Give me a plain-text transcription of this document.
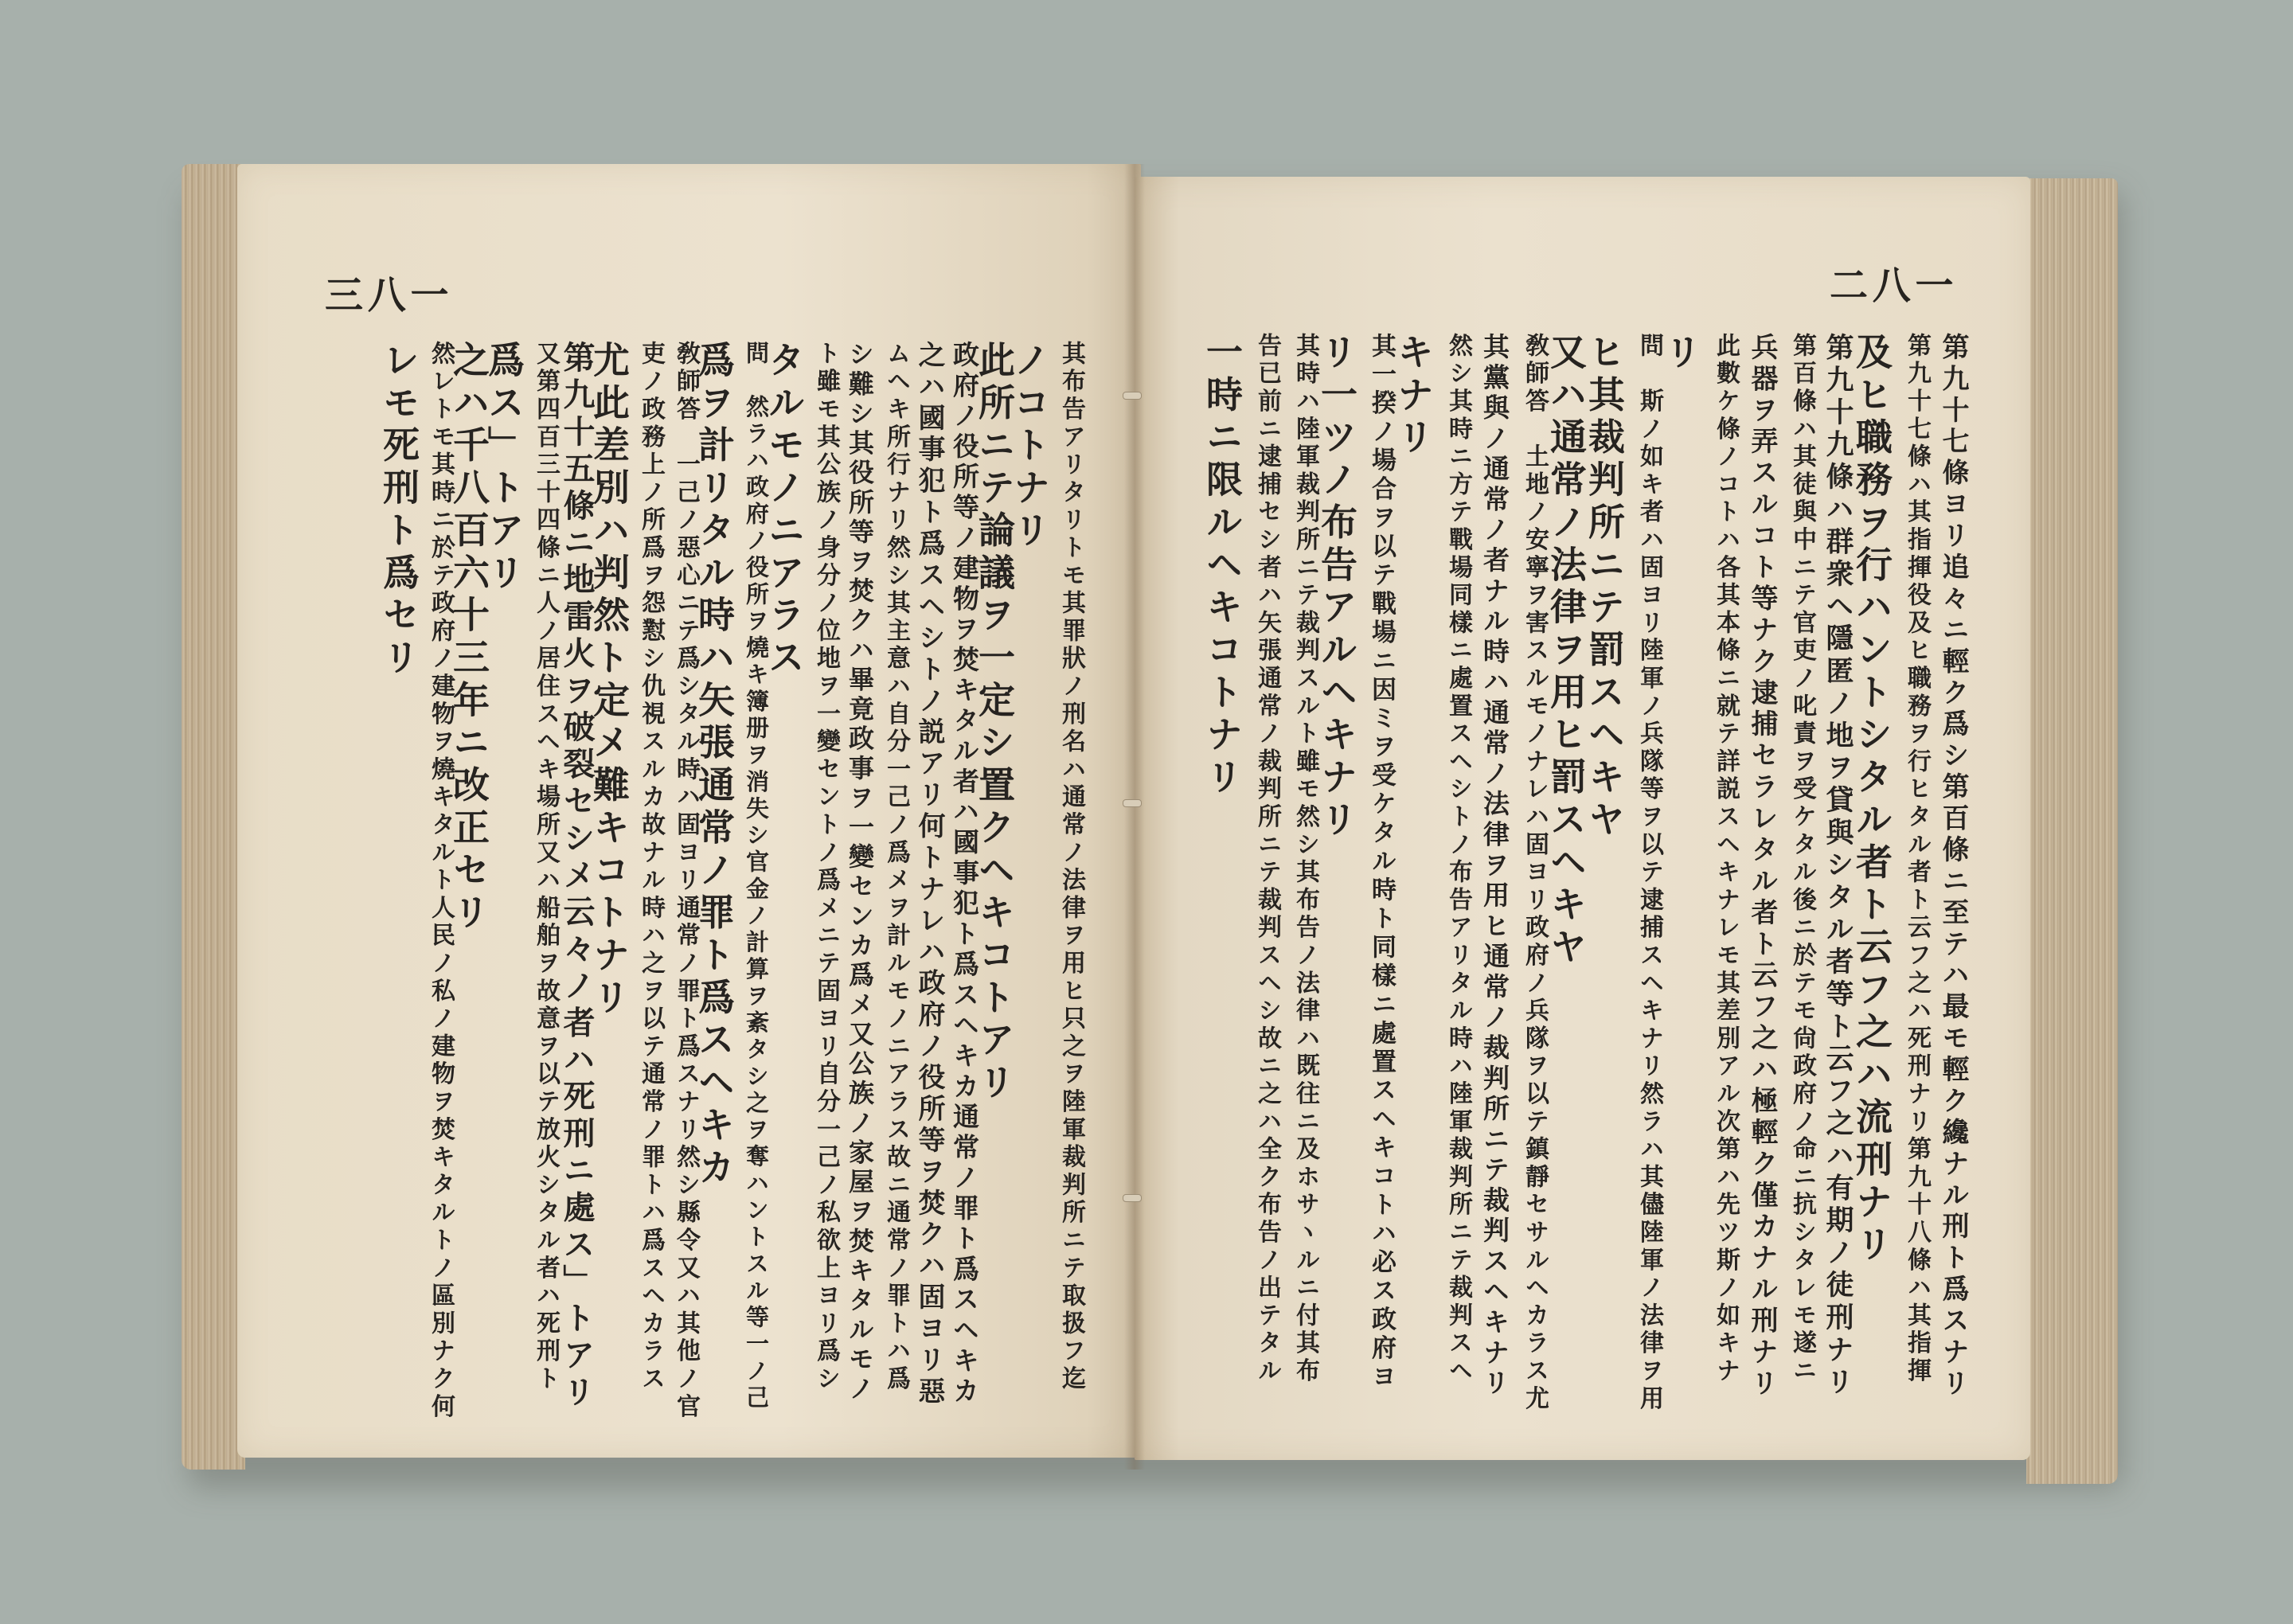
三八一	二八一
其布告アリタリトモ其罪狀ノ刑名ハ通常ノ法律ヲ用ヒ只之ヲ陸軍裁判所ニテ取扱フ迄
ノコトナリ
此所ニテ論議ヲ一定シ置クヘキコトアリ
政府ノ役所等ノ建物ヲ焚キタル者ハ國事犯ト爲スヘキカ通常ノ罪ト爲スヘキカ
之ハ國事犯ト爲スヘシトノ説アリ何トナレハ政府ノ役所等ヲ焚クハ固ヨリ惡
ムヘキ所行ナリ然シ其主意ハ自分一己ノ爲メヲ計ルモノニアラス故ニ通常ノ罪トハ爲
シ難シ其役所等ヲ焚クハ畢竟政事ヲ一變センカ爲メ又公族ノ家屋ヲ焚キタルモノ
ト雖モ其公族ノ身分ノ位地ヲ一變セントノ爲メニテ固ヨリ自分一己ノ私欲上ヨリ爲シ
タルモノニアラス
問　然ラハ政府ノ役所ヲ燒キ簿册ヲ消失シ官金ノ計算ヲ紊タシ之ヲ奪ハントスル等一ノ己
爲ヲ計リタル時ハ矢張通常ノ罪ト爲スヘキカ
敎師答　一己ノ惡心ニテ爲シタル時ハ固ヨリ通常ノ罪ト爲スナリ然シ縣令又ハ其他ノ官
吏ノ政務上ノ所爲ヲ怨懟シ仇視スルカ故ナル時ハ之ヲ以テ通常ノ罪トハ爲スヘカラス
尤此差別ハ判然ト定メ難キコトナリ
第九十五條ニ地雷火ヲ破裂セシメ云々ノ者ハ死刑ニ處ス」トアリ
又第四百三十四條ニ人ノ居住スヘキ場所又ハ船舶ヲ故意ヲ以テ放火シタル者ハ死刑ト
爲ス」トアリ
之ハ千八百六十三年ニ改正セリ
然レトモ其時ニ於テ政府ノ建物ヲ燒キタルト人民ノ私ノ建物ヲ焚キタルトノ區別ナク何
レモ死刑ト爲セリ	第九十七條ヨリ追々ニ輕ク爲シ第百條ニ至テハ最モ輕ク纔ナル刑ト爲スナリ
第九十七條ハ其指揮役及ヒ職務ヲ行ヒタル者ト云フ之ハ死刑ナリ第九十八條ハ其指揮
及ヒ職務ヲ行ハントシタル者ト云フ之ハ流刑ナリ
第九十九條ハ群衆ヘ隱匿ノ地ヲ貸與シタル者等ト云フ之ハ有期ノ徒刑ナリ
第百條ハ其徒與中ニテ官吏ノ叱責ヲ受ケタル後ニ於テモ尙政府ノ命ニ抗シタレモ遂ニ
兵器ヲ弄スルコト等ナク逮捕セラレタル者ト云フ之ハ極輕ク僅カナル刑ナリ
此數ケ條ノコトハ各其本條ニ就テ詳説スヘキナレモ其差別アル次第ハ先ツ斯ノ如キナ
リ
問　斯ノ如キ者ハ固ヨリ陸軍ノ兵隊等ヲ以テ逮捕スヘキナリ然ラハ其儘陸軍ノ法律ヲ用
ヒ其裁判所ニテ罰スヘキヤ
又ハ通常ノ法律ヲ用ヒ罰スヘキヤ
敎師答　土地ノ安寧ヲ害スルモノナレハ固ヨリ政府ノ兵隊ヲ以テ鎮靜セサルヘカラス尤
其黨與ノ通常ノ者ナル時ハ通常ノ法律ヲ用ヒ通常ノ裁判所ニテ裁判スヘキナリ
然シ其時ニ方テ戰場同樣ニ處置スヘシトノ布告アリタル時ハ陸軍裁判所ニテ裁判スヘ
キナリ
其一揆ノ場合ヲ以テ戰場ニ因ミヲ受ケタル時ト同樣ニ處置スヘキコトハ必ス政府ヨ
リ一ツノ布告アルヘキナリ
其時ハ陸軍裁判所ニテ裁判スルト雖モ然シ其布告ノ法律ハ既往ニ及ホサヽルニ付其布
告已前ニ逮捕セシ者ハ矢張通常ノ裁判所ニテ裁判スヘシ故ニ之ハ全ク布告ノ出テタル
一時ニ限ルヘキコトナリ
